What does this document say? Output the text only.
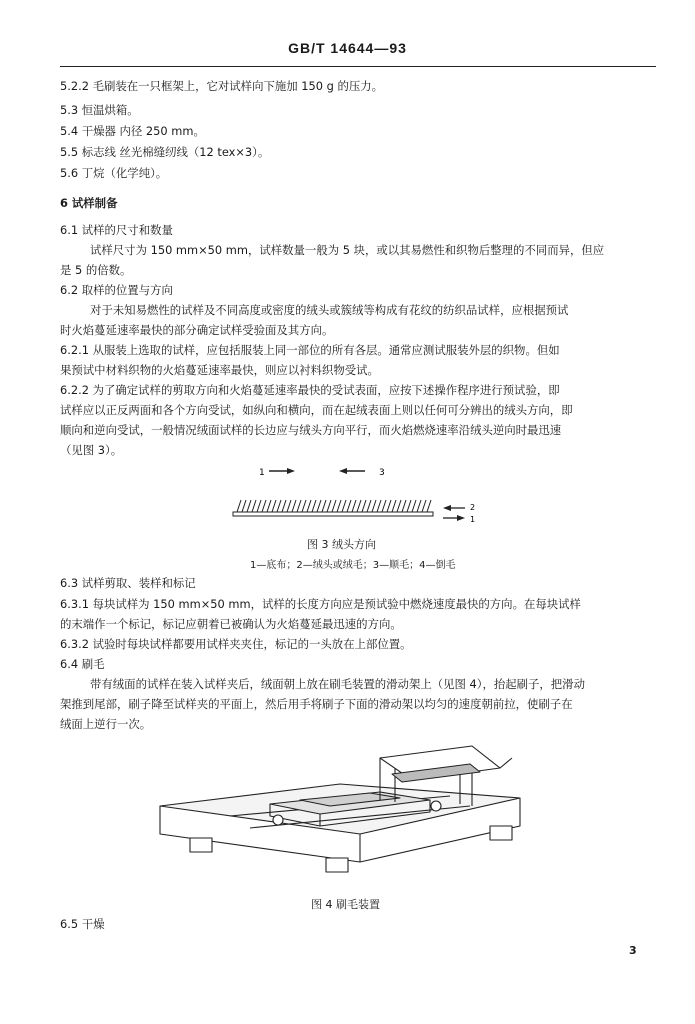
GB/T 14644—93
5.2.2 毛刷装在一只框架上，它对试样向下施加 150 g 的压力。
5.3 恒温烘箱。
5.4 干燥器 内径 250 mm。
5.5 标志线 丝光棉缝纫线（12 tex×3）。
5.6 丁烷（化学纯）。
6 试样制备
6.1 试样的尺寸和数量
试样尺寸为 150 mm×50 mm，试样数量一般为 5 块，或以其易燃性和织物后整理的不同而异，但应
是 5 的倍数。
6.2 取样的位置与方向
对于未知易燃性的试样及不同高度或密度的绒头或簇绒等构成有花纹的纺织品试样，应根据预试
时火焰蔓延速率最快的部分确定试样受验面及其方向。
6.2.1 从服装上选取的试样，应包括服装上同一部位的所有各层。通常应测试服装外层的织物。但如
果预试中材料织物的火焰蔓延速率最快，则应以衬料织物受试。
6.2.2 为了确定试样的剪取方向和火焰蔓延速率最快的受试表面，应按下述操作程序进行预试验，即
试样应以正反两面和各个方向受试，如纵向和横向，而在起绒表面上则以任何可分辨出的绒头方向，即
顺向和逆向受试，一般情况绒面试样的长边应与绒头方向平行，而火焰燃烧速率沿绒头逆向时最迅速
（见图 3）。
1	3
2
1
图 3 绒头方向
1—底布；2—绒头或绒毛；3—顺毛；4—倒毛
6.3 试样剪取、装样和标记
6.3.1 每块试样为 150 mm×50 mm，试样的长度方向应是预试验中燃烧速度最快的方向。在每块试样
的末端作一个标记，标记应朝着已被确认为火焰蔓延最迅速的方向。
6.3.2 试验时每块试样都要用试样夹夹住，标记的一头放在上部位置。
6.4 刷毛
带有绒面的试样在装入试样夹后，绒面朝上放在刷毛装置的滑动架上（见图 4），抬起刷子，把滑动
架推到尾部，刷子降至试样夹的平面上，然后用手将刷子下面的滑动架以均匀的速度朝前拉，使刷子在
绒面上逆行一次。
图 4 刷毛装置
6.5 干燥
3
